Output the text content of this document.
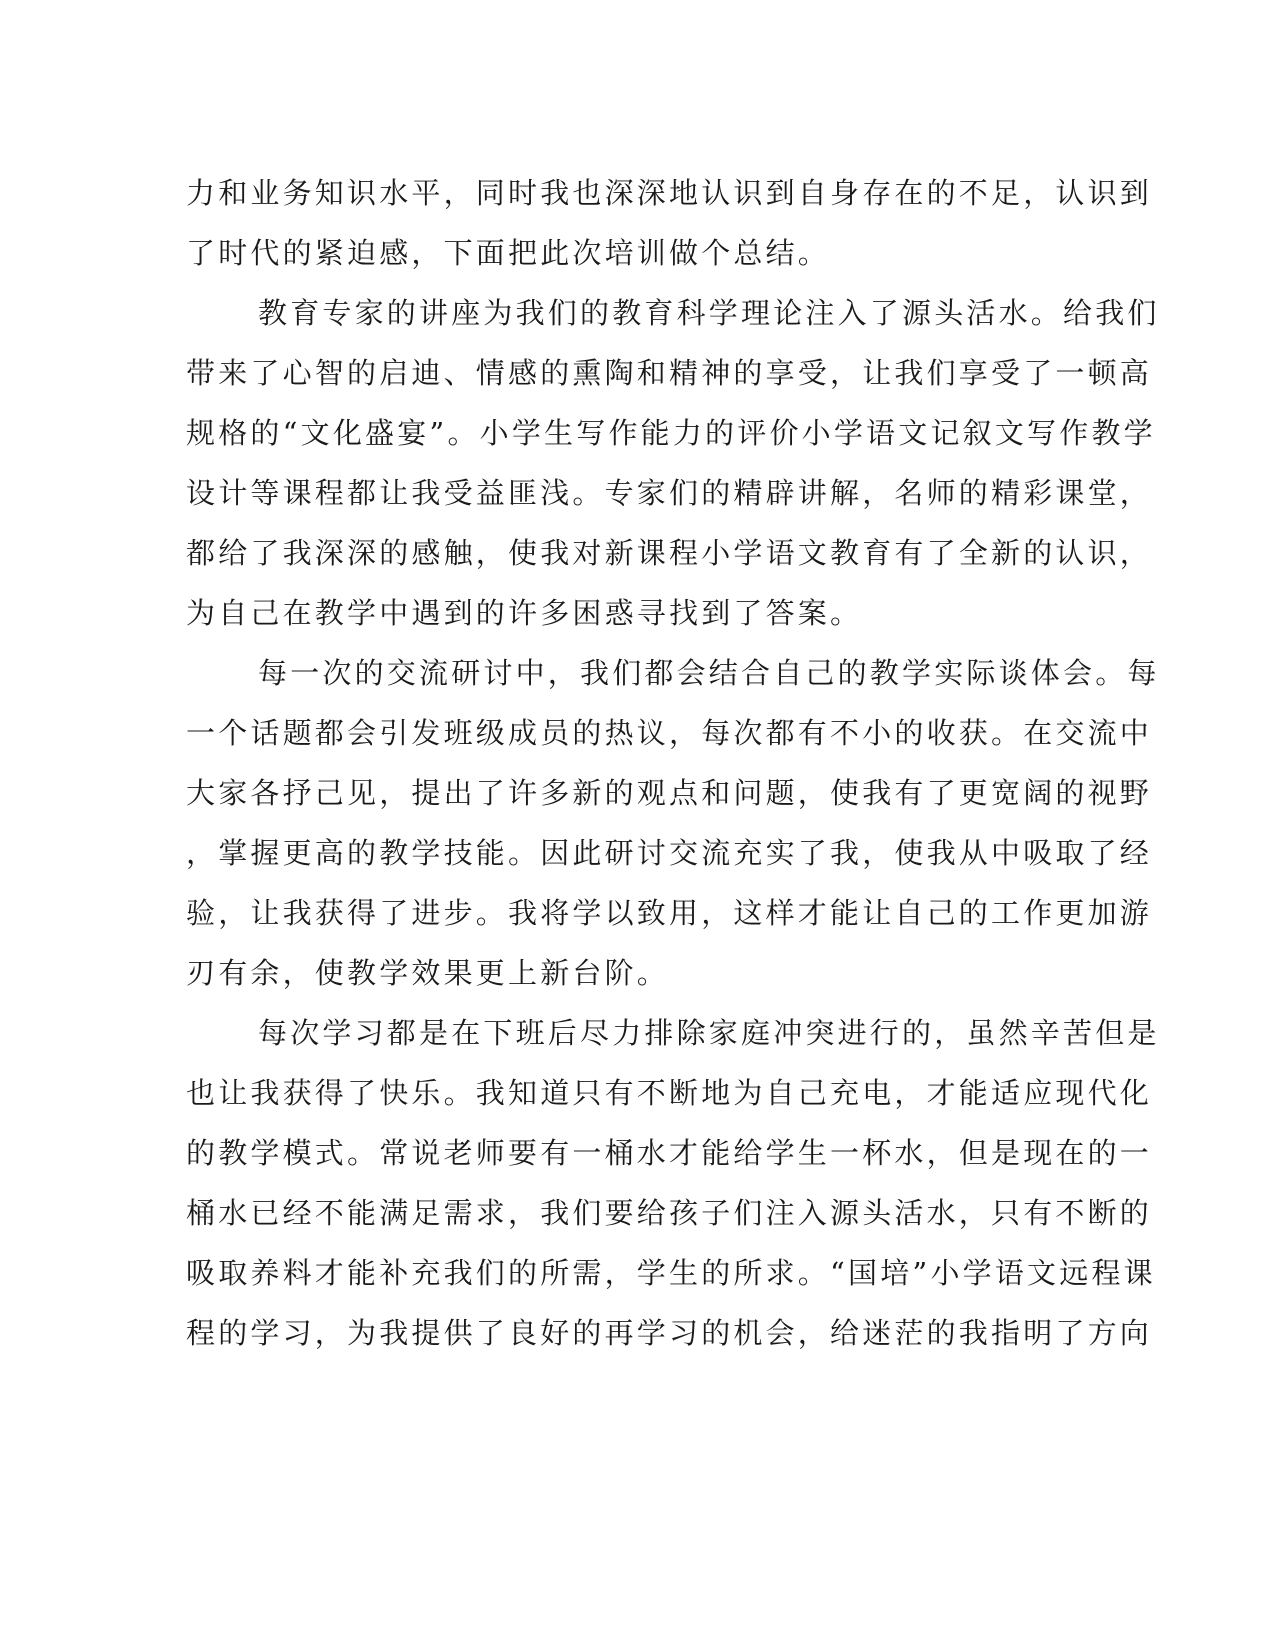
力和业务知识水平，同时我也深深地认识到自身存在的不足，认识到
了时代的紧迫感，下面把此次培训做个总结。
教育专家的讲座为我们的教育科学理论注入了源头活水。给我们
带来了心智的启迪、情感的熏陶和精神的享受，让我们享受了一顿高
规格的“文化盛宴”。小学生写作能力的评价小学语文记叙文写作教学
设计等课程都让我受益匪浅。专家们的精辟讲解，名师的精彩课堂，
都给了我深深的感触，使我对新课程小学语文教育有了全新的认识，
为自己在教学中遇到的许多困惑寻找到了答案。
每一次的交流研讨中，我们都会结合自己的教学实际谈体会。每
一个话题都会引发班级成员的热议，每次都有不小的收获。在交流中
大家各抒己见，提出了许多新的观点和问题，使我有了更宽阔的视野
，掌握更高的教学技能。因此研讨交流充实了我，使我从中吸取了经
验，让我获得了进步。我将学以致用，这样才能让自己的工作更加游
刃有余，使教学效果更上新台阶。
每次学习都是在下班后尽力排除家庭冲突进行的，虽然辛苦但是
也让我获得了快乐。我知道只有不断地为自己充电，才能适应现代化
的教学模式。常说老师要有一桶水才能给学生一杯水，但是现在的一
桶水已经不能满足需求，我们要给孩子们注入源头活水，只有不断的
吸取养料才能补充我们的所需，学生的所求。“国培”小学语文远程课
程的学习，为我提供了良好的再学习的机会，给迷茫的我指明了方向
